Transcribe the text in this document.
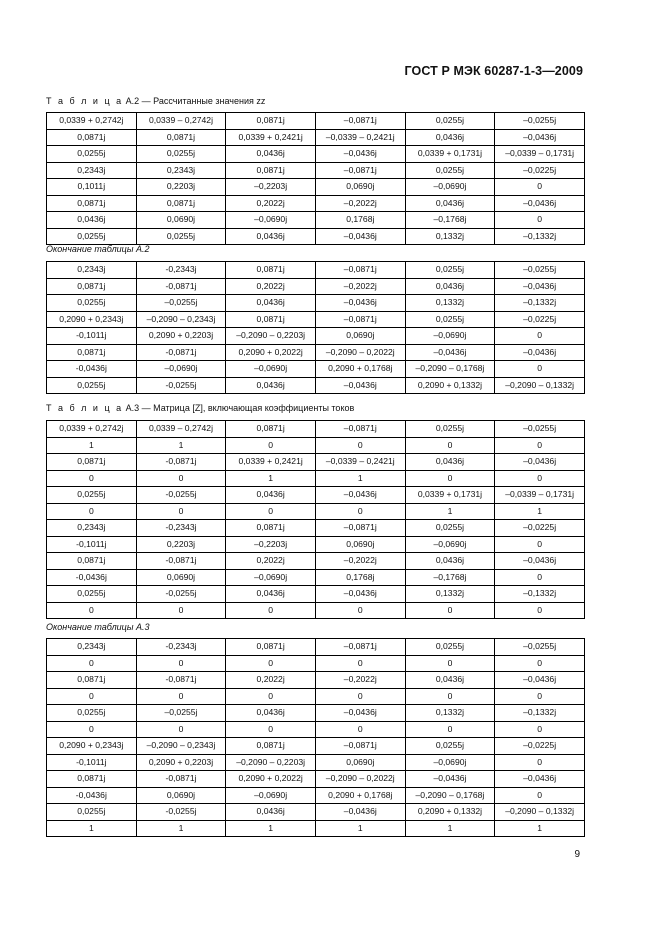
ГОСТ Р МЭК 60287-1-3—2009
Т а б л и ц а А.2 — Рассчитанные значения zz
0,0339 + 0,2742j	0,0339 – 0,2742j	0,0871j	–0,0871j	0,0255j	–0,0255j
0,0871j	0,0871j	0,0339 + 0,2421j	–0,0339 – 0,2421j	0,0436j	–0,0436j
0,0255j	0,0255j	0,0436j	–0,0436j	0,0339 + 0,1731j	–0,0339 – 0,1731j
0,2343j	0,2343j	0,0871j	–0,0871j	0,0255j	–0,0225j
0,1011j	0,2203j	–0,2203j	0,0690j	–0,0690j	0
0,0871j	0,0871j	0,2022j	–0,2022j	0,0436j	–0,0436j
0,0436j	0,0690j	–0,0690j	0,1768j	–0,1768j	0
0,0255j	0,0255j	0,0436j	–0,0436j	0,1332j	–0,1332j
Окончание таблицы А.2
0,2343j	-0,2343j	0,0871j	–0,0871j	0,0255j	–0,0255j
0,0871j	-0,0871j	0,2022j	–0,2022j	0,0436j	–0,0436j
0,0255j	–0,0255j	0,0436j	–0,0436j	0,1332j	–0,1332j
0,2090 + 0,2343j	–0,2090 – 0,2343j	0,0871j	–0,0871j	0,0255j	–0,0225j
-0,1011j	0,2090 + 0,2203j	–0,2090 – 0,2203j	0,0690j	–0,0690j	0
0,0871j	-0,0871j	0,2090 + 0,2022j	–0,2090 – 0,2022j	–0,0436j	–0,0436j
-0,0436j	–0,0690j	–0,0690j	0,2090 + 0,1768j	–0,2090 – 0,1768j	0
0,0255j	-0,0255j	0,0436j	–0,0436j	0,2090 + 0,1332j	–0,2090 – 0,1332j
Т а б л и ц а А.3 — Матрица [Z], включающая коэффициенты токов
0,0339 + 0,2742j	0,0339 – 0,2742j	0,0871j	–0,0871j	0,0255j	–0,0255j
1	1	0	0	0	0
0,0871j	-0,0871j	0,0339 + 0,2421j	–0,0339 – 0,2421j	0,0436j	–0,0436j
0	0	1	1	0	0
0,0255j	-0,0255j	0,0436j	–0,0436j	0,0339 + 0,1731j	–0,0339 – 0,1731j
0	0	0	0	1	1
0,2343j	-0,2343j	0,0871j	–0,0871j	0,0255j	–0,0225j
-0,1011j	0,2203j	–0,2203j	0,0690j	–0,0690j	0
0,0871j	-0,0871j	0,2022j	–0,2022j	0,0436j	–0,0436j
-0,0436j	0,0690j	–0,0690j	0,1768j	–0,1768j	0
0,0255j	-0,0255j	0,0436j	–0,0436j	0,1332j	–0,1332j
0	0	0	0	0	0
Окончание таблицы А.3
0,2343j	-0,2343j	0,0871j	–0,0871j	0,0255j	–0,0255j
0	0	0	0	0	0
0,0871j	-0,0871j	0,2022j	–0,2022j	0,0436j	–0,0436j
0	0	0	0	0	0
0,0255j	–0,0255j	0,0436j	–0,0436j	0,1332j	–0,1332j
0	0	0	0	0	0
0,2090 + 0,2343j	–0,2090 – 0,2343j	0,0871j	–0,0871j	0,0255j	–0,0225j
-0,1011j	0,2090 + 0,2203j	–0,2090 – 0,2203j	0,0690j	–0,0690j	0
0,0871j	-0,0871j	0,2090 + 0,2022j	–0,2090 – 0,2022j	–0,0436j	–0,0436j
-0,0436j	0,0690j	–0,0690j	0,2090 + 0,1768j	–0,2090 – 0,1768j	0
0,0255j	-0,0255j	0,0436j	–0,0436j	0,2090 + 0,1332j	–0,2090 – 0,1332j
1	1	1	1	1	1
9
